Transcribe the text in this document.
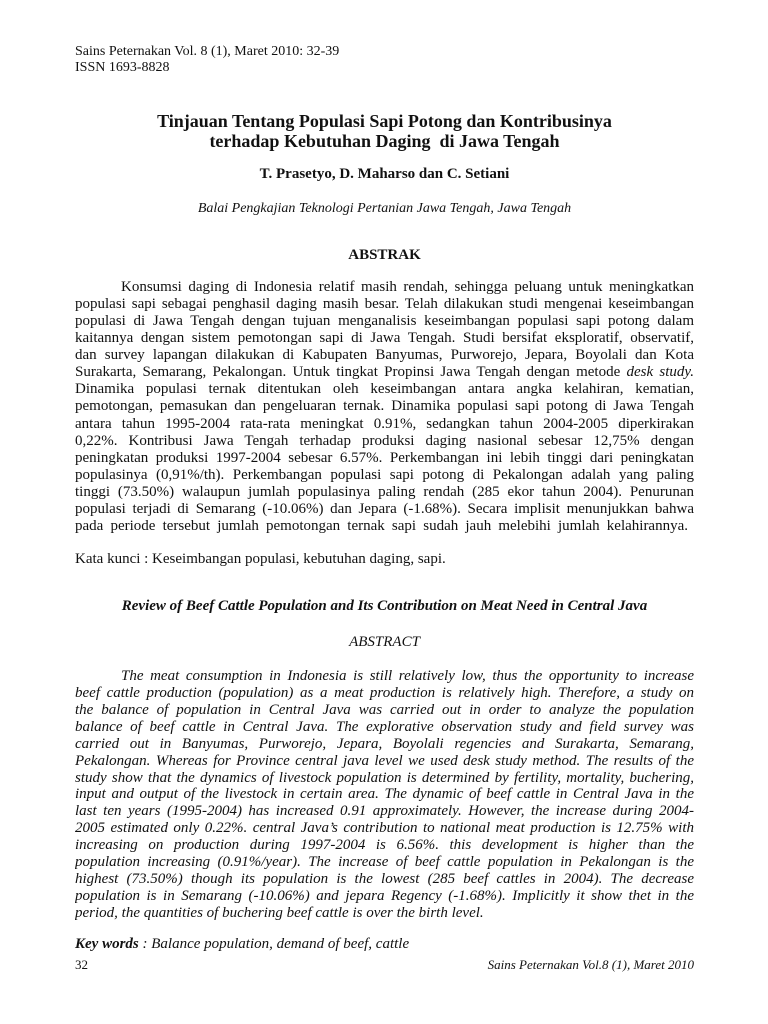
Sains Peternakan Vol. 8 (1), Maret 2010: 32-39
ISSN 1693-8828
Tinjauan Tentang Populasi Sapi Potong dan Kontribusinya
terhadap Kebutuhan Daging  di Jawa Tengah
T. Prasetyo, D. Maharso dan C. Setiani
Balai Pengkajian Teknologi Pertanian Jawa Tengah, Jawa Tengah
ABSTRAK
Konsumsi daging di Indonesia relatif masih rendah, sehingga peluang untuk meningkatkan
populasi sapi sebagai penghasil daging masih besar. Telah dilakukan studi mengenai keseimbangan
populasi di Jawa Tengah dengan tujuan menganalisis keseimbangan populasi sapi potong dalam
kaitannya dengan sistem pemotongan sapi di Jawa Tengah. Studi bersifat eksploratif, observatif,
dan survey lapangan dilakukan di Kabupaten Banyumas, Purworejo, Jepara, Boyolali dan Kota
Surakarta, Semarang, Pekalongan. Untuk tingkat Propinsi Jawa Tengah dengan metode desk study.
Dinamika populasi ternak ditentukan oleh keseimbangan antara angka kelahiran, kematian,
pemotongan, pemasukan dan pengeluaran ternak. Dinamika populasi sapi potong di Jawa Tengah
antara tahun 1995-2004 rata-rata meningkat 0.91%, sedangkan tahun 2004-2005 diperkirakan
0,22%. Kontribusi Jawa Tengah terhadap produksi daging nasional sebesar 12,75% dengan
peningkatan produksi 1997-2004 sebesar 6.57%. Perkembangan ini lebih tinggi dari peningkatan
populasinya (0,91%/th). Perkembangan populasi sapi potong di Pekalongan adalah yang paling
tinggi (73.50%) walaupun jumlah populasinya paling rendah (285 ekor tahun 2004). Penurunan
populasi terjadi di Semarang (-10.06%) dan Jepara (-1.68%). Secara implisit menunjukkan bahwa
pada periode tersebut jumlah pemotongan ternak sapi sudah jauh melebihi jumlah kelahirannya.
Kata kunci : Keseimbangan populasi, kebutuhan daging, sapi.
Review of Beef Cattle Population and Its Contribution on Meat Need in Central Java
ABSTRACT
The meat consumption in Indonesia is still relatively low, thus the opportunity to increase
beef cattle production (population) as a meat production is relatively high. Therefore, a study on
the balance of population in Central Java was carried out in order to analyze the population
balance of beef cattle in Central Java. The explorative observation study and field survey was
carried out in Banyumas, Purworejo, Jepara, Boyolali regencies and Surakarta, Semarang,
Pekalongan. Whereas for Province central java level we used desk study method. The results of the
study show that the dynamics of livestock population is determined by fertility, mortality, buchering,
input and output of the livestock in certain area. The dynamic of beef cattle in Central Java in the
last ten years (1995-2004) has increased 0.91 approximately. However, the increase during 2004-
2005 estimated only 0.22%. central Java’s contribution to national meat production is 12.75% with
increasing on production during 1997-2004 is 6.56%. this development is higher than the
population increasing (0.91%/year). The increase of beef cattle population in Pekalongan is the
highest (73.50%) though its population is the lowest (285 beef cattles in 2004). The decrease
population is in Semarang (-10.06%) and jepara Regency (-1.68%). Implicitly it show thet in the
period, the quantities of buchering beef cattle is over the birth level.
Key words : Balance population, demand of beef, cattle
32	Sains Peternakan Vol.8 (1), Maret 2010
